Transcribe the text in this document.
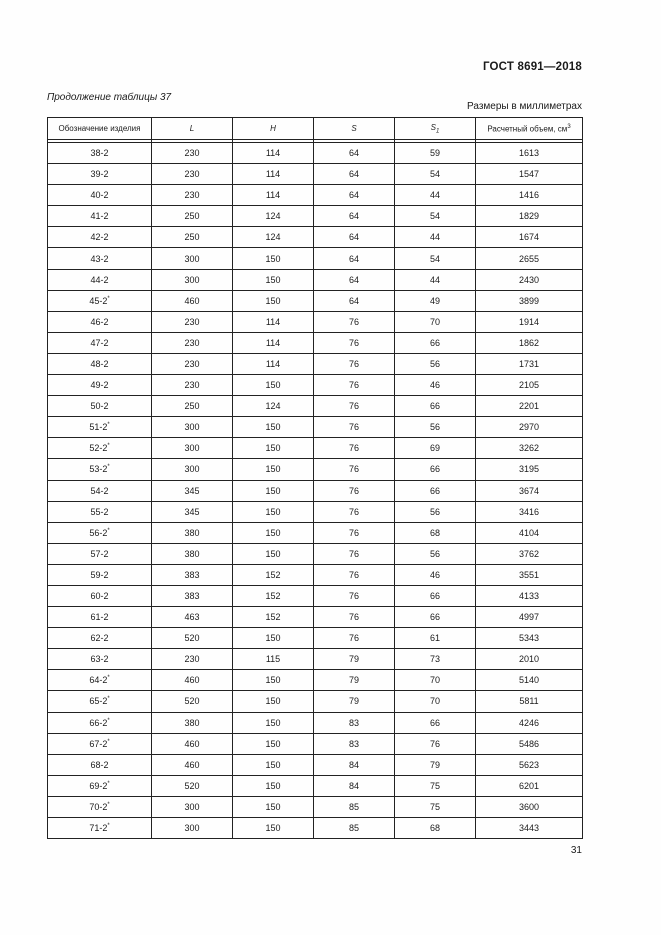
ГОСТ 8691—2018
Продолжение таблицы 37
Размеры в миллиметрах
Обозначение изделия	L	H	S	$S_1$	Расчетный объем, $см^3$

38-2	230	114	64	59	1613
39-2	230	114	64	54	1547
40-2	230	114	64	44	1416
41-2	250	124	64	54	1829
42-2	250	124	64	44	1674
43-2	300	150	64	54	2655
44-2	300	150	64	44	2430
45-2*	460	150	64	49	3899
46-2	230	114	76	70	1914
47-2	230	114	76	66	1862
48-2	230	114	76	56	1731
49-2	230	150	76	46	2105
50-2	250	124	76	66	2201
51-2*	300	150	76	56	2970
52-2*	300	150	76	69	3262
53-2*	300	150	76	66	3195
54-2	345	150	76	66	3674
55-2	345	150	76	56	3416
56-2*	380	150	76	68	4104
57-2	380	150	76	56	3762
59-2	383	152	76	46	3551
60-2	383	152	76	66	4133
61-2	463	152	76	66	4997
62-2	520	150	76	61	5343
63-2	230	115	79	73	2010
64-2*	460	150	79	70	5140
65-2*	520	150	79	70	5811
66-2*	380	150	83	66	4246
67-2*	460	150	83	76	5486
68-2	460	150	84	79	5623
69-2*	520	150	84	75	6201
70-2*	300	150	85	75	3600
71-2*	300	150	85	68	3443
31
